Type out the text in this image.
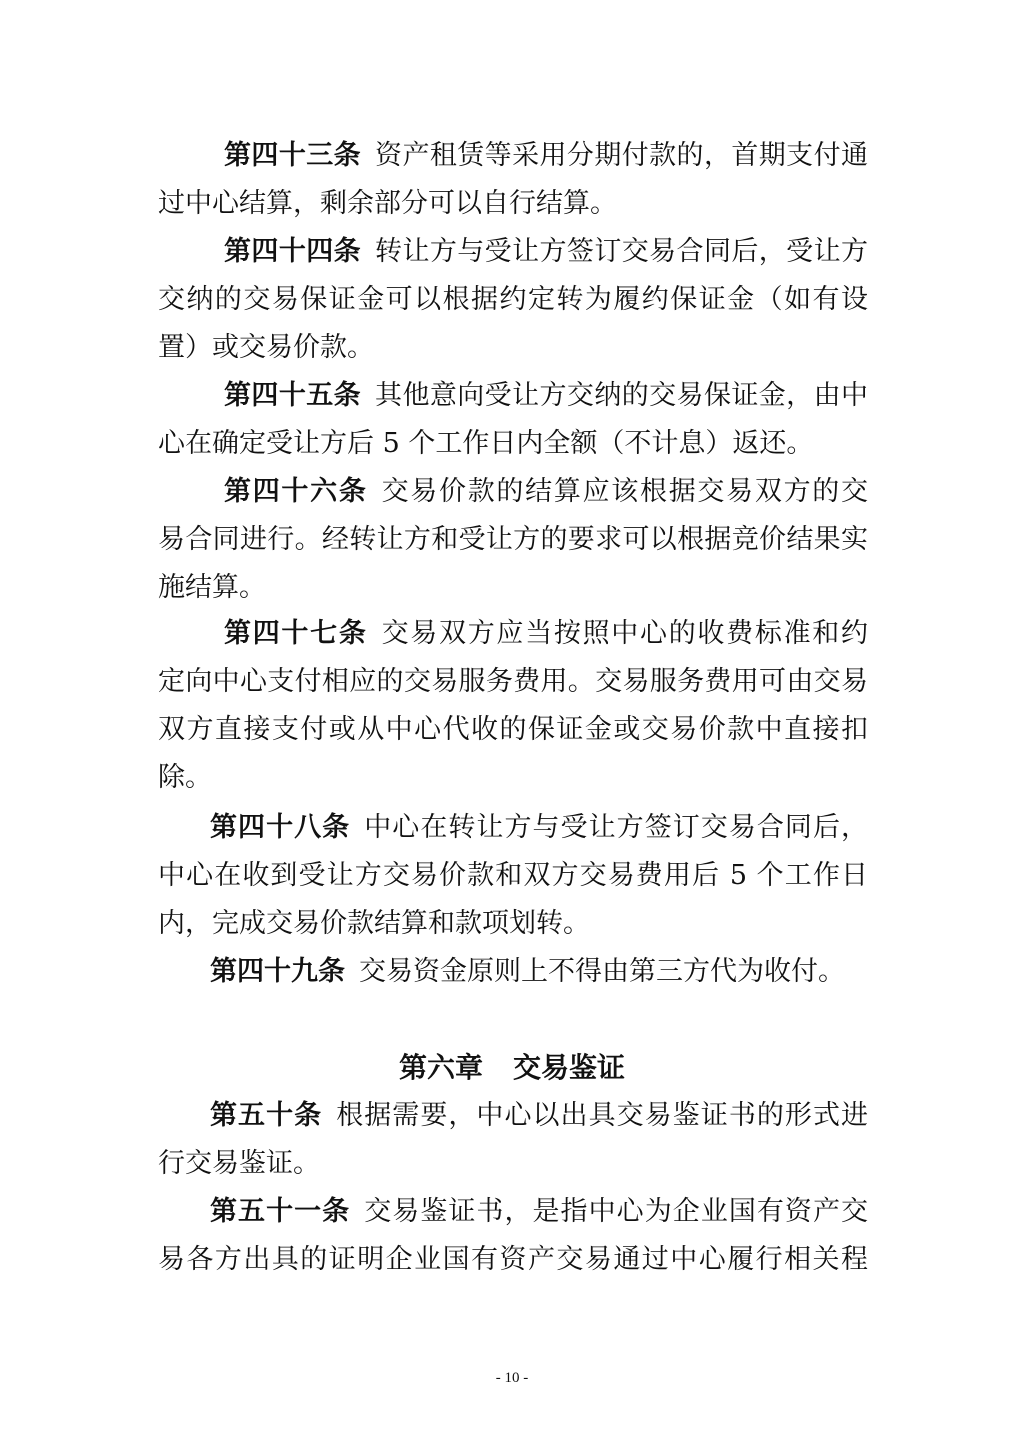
第四十三条 资产租赁等采用分期付款的，首期支付通
过中心结算，剩余部分可以自行结算。
第四十四条 转让方与受让方签订交易合同后，受让方
交纳的交易保证金可以根据约定转为履约保证金（如有设
置）或交易价款。
第四十五条 其他意向受让方交纳的交易保证金，由中
心在确定受让方后 5 个工作日内全额（不计息）返还。
第四十六条 交易价款的结算应该根据交易双方的交
易合同进行。经转让方和受让方的要求可以根据竞价结果实
施结算。
第四十七条 交易双方应当按照中心的收费标准和约
定向中心支付相应的交易服务费用。交易服务费用可由交易
双方直接支付或从中心代收的保证金或交易价款中直接扣
除。
第四十八条 中心在转让方与受让方签订交易合同后，
中心在收到受让方交易价款和双方交易费用后 5 个工作日
内，完成交易价款结算和款项划转。
第四十九条 交易资金原则上不得由第三方代为收付。
第六章 交易鉴证
第五十条 根据需要，中心以出具交易鉴证书的形式进
行交易鉴证。
第五十一条 交易鉴证书，是指中心为企业国有资产交
易各方出具的证明企业国有资产交易通过中心履行相关程
- 10 -
